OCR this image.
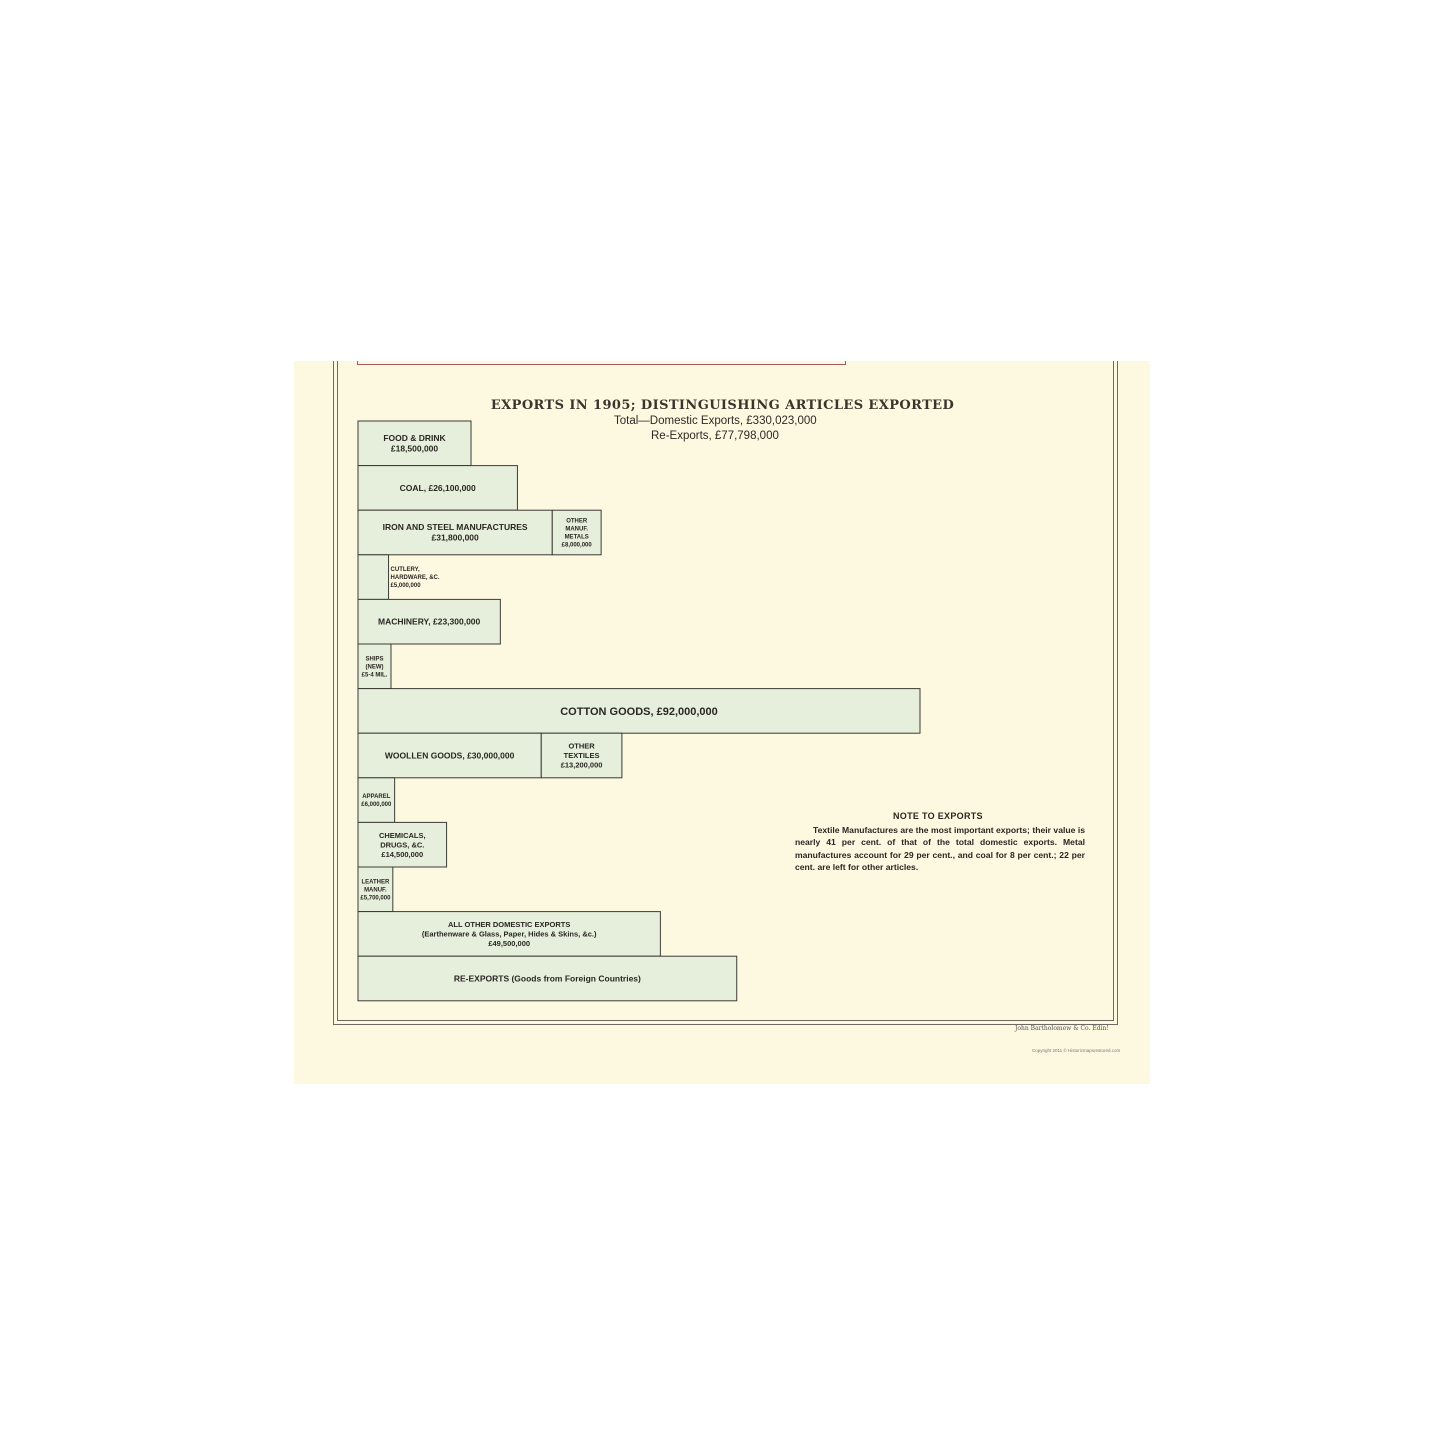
EXPORTS IN 1905; DISTINGUISHING ARTICLES EXPORTED
Total—Domestic Exports, £330,023,000
Re-Exports, £77,798,000
FOOD & DRINK
£18,500,000
COAL, £26,100,000
IRON AND STEEL MANUFACTURES
£31,800,000
OTHER
MANUF.
METALS
£8,000,000
CUTLERY,
HARDWARE, &C.
£5,000,000
MACHINERY, £23,300,000
SHIPS
(NEW)
£5·4 MIL.
COTTON GOODS, £92,000,000
WOOLLEN GOODS, £30,000,000
OTHER
TEXTILES
£13,200,000
APPAREL
£6,000,000
CHEMICALS,
DRUGS, &C.
£14,500,000
LEATHER
MANUF.
£5,700,000
ALL OTHER DOMESTIC EXPORTS
(Earthenware & Glass, Paper, Hides & Skins, &c.)
£49,500,000
RE-EXPORTS (Goods from Foreign Countries)
NOTE TO EXPORTS
Textile Manufactures are the most important exports; their value is nearly 41 per cent. of that of the total domestic exports. Metal manufactures account for 29 per cent., and coal for 8 per cent.; 22 per cent. are left for other articles.
John Bartholomew & Co. Edin!
Copyright 2011 © Historicmapsrestored.com
